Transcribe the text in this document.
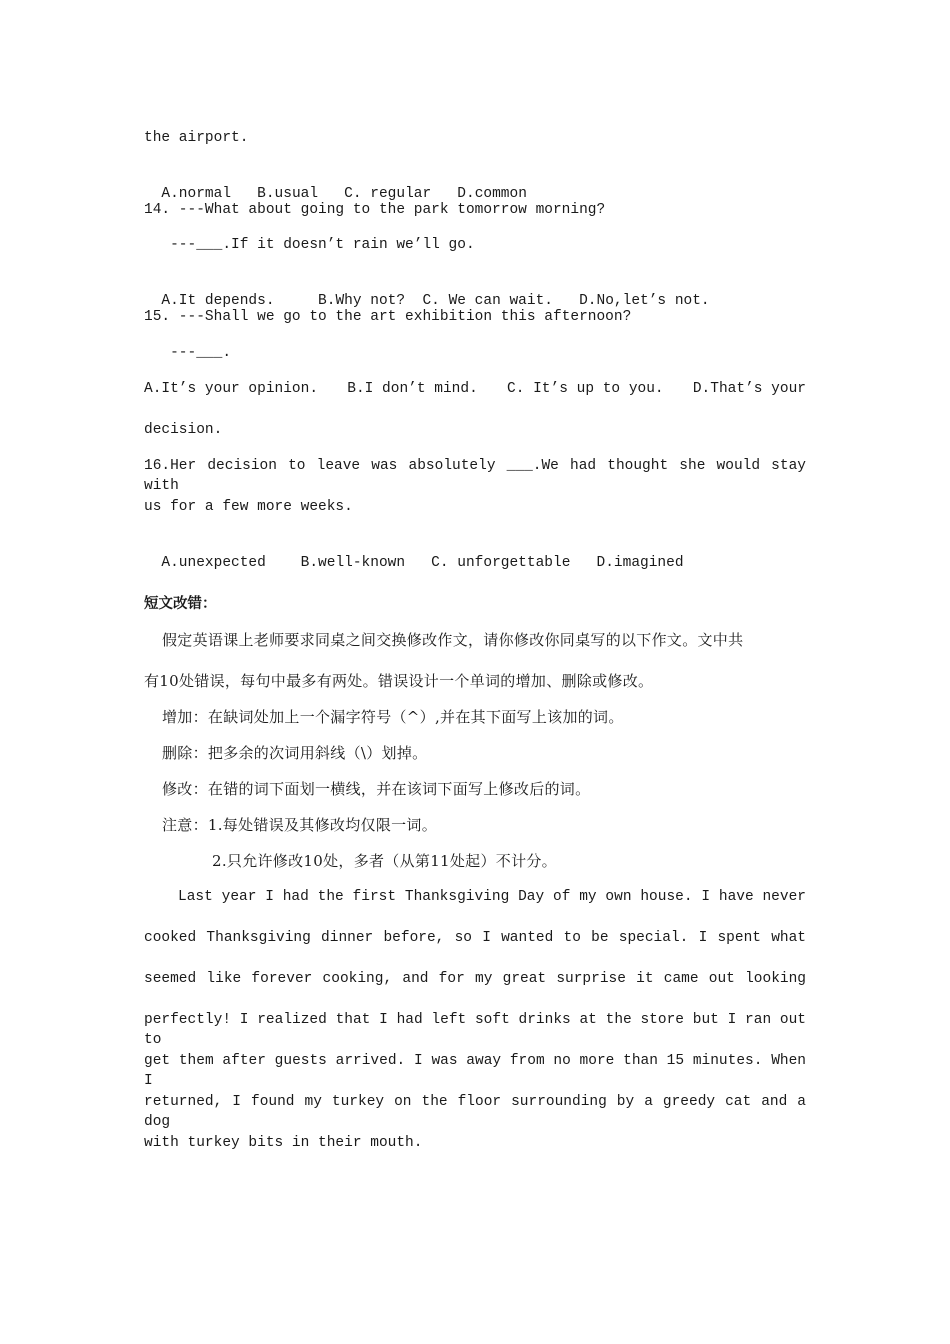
the airport.

A.normal B.usual C. regular D.common

14. ---What about going to the park tomorrow morning?
---___.If it doesn’t rain we’ll go.

A.It depends.	B.Why not? C. We can wait. D.No,let’s not.

15. ---Shall we go to the art exhibition this afternoon?
---___.
A.It’s your opinion. B.I don’t mind. C. It’s up to you. D.That’s your
decision.
16.Her decision to leave was absolutely ___.We had thought she would stay with
us for a few more weeks.

A.unexpected B.well-known C. unforgettable D.imagined

短文改错：
假定英语课上老师要求同桌之间交换修改作文，请你修改你同桌写的以下作文。文中共
有10处错误，每句中最多有两处。错误设计一个单词的增加、删除或修改。
增加：在缺词处加上一个漏字符号（^）,并在其下面写上该加的词。
删除：把多余的次词用斜线（\）划掉。
修改：在错的词下面划一横线，并在该词下面写上修改后的词。
注意：1.每处错误及其修改均仅限一词。
2.只允许修改10处，多者（从第11处起）不计分。
Last year I had the first Thanksgiving Day of my own house. I have never
cooked Thanksgiving dinner before, so I wanted to be special. I spent what
seemed like forever cooking, and for my great surprise it came out looking
perfectly! I realized that I had left soft drinks at the store but I ran out to
get them after guests arrived. I was away from no more than 15 minutes. When I
returned, I found my turkey on the floor surrounding by a greedy cat and a dog
with turkey bits in their mouth.
